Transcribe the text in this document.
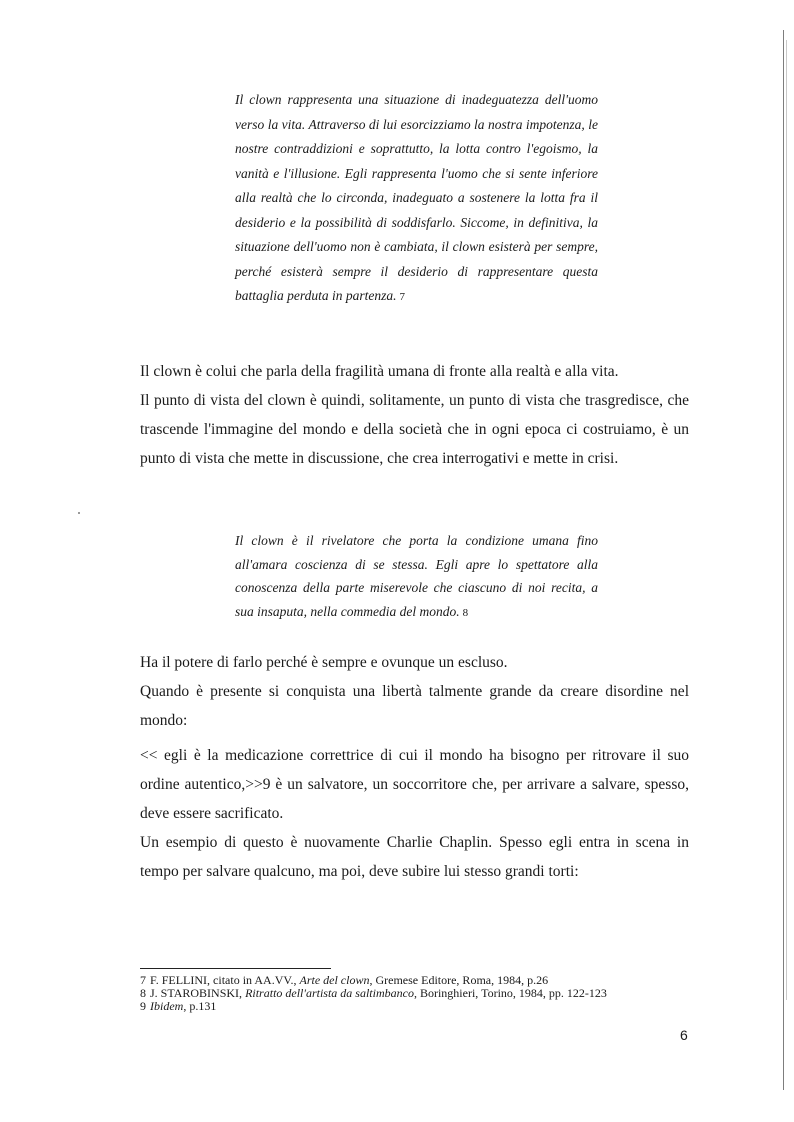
Il clown rappresenta una situazione di inadeguatezza dell'uomo verso la vita. Attraverso di lui esorcizziamo la nostra impotenza, le nostre contraddizioni e soprattutto, la lotta contro l'egoismo, la vanità e l'illusione. Egli rappresenta l'uomo che si sente inferiore alla realtà che lo circonda, inadeguato a sostenere la lotta fra il desiderio e la possibilità di soddisfarlo. Siccome, in definitiva, la situazione dell'uomo non è cambiata, il clown esisterà per sempre, perché esisterà sempre il desiderio di rappresentare questa battaglia perduta in partenza. 7

Il clown è colui che parla della fragilità umana di fronte alla realtà e alla vita.

Il punto di vista del clown è quindi, solitamente, un punto di vista che trasgredisce, che trascende l'immagine del mondo e della società che in ogni epoca ci costruiamo, è un punto di vista che mette in discussione, che crea interrogativi e mette in crisi.

Il clown è il rivelatore che porta la condizione umana fino all'amara coscienza di se stessa. Egli apre lo spettatore alla conoscenza della parte miserevole che ciascuno di noi recita, a sua insaputa, nella commedia del mondo. 8

Ha il potere di farlo perché è sempre e ovunque un escluso.

Quando è presente si conquista una libertà talmente grande da creare disordine nel mondo:

<< egli è la medicazione correttrice di cui il mondo ha bisogno per ritrovare il suo ordine autentico,>>9 è un salvatore, un soccorritore che, per arrivare a salvare, spesso, deve essere sacrificato.

Un esempio di questo è nuovamente Charlie Chaplin. Spesso egli entra in scena in tempo per salvare qualcuno, ma poi, deve subire lui stesso grandi torti:

7 F. FELLINI, citato in AA.VV., Arte del clown, Gremese Editore, Roma, 1984, p.26
8 J. STAROBINSKI, Ritratto dell'artista da saltimbanco, Boringhieri, Torino, 1984, pp. 122-123
9 Ibidem, p.131
6
